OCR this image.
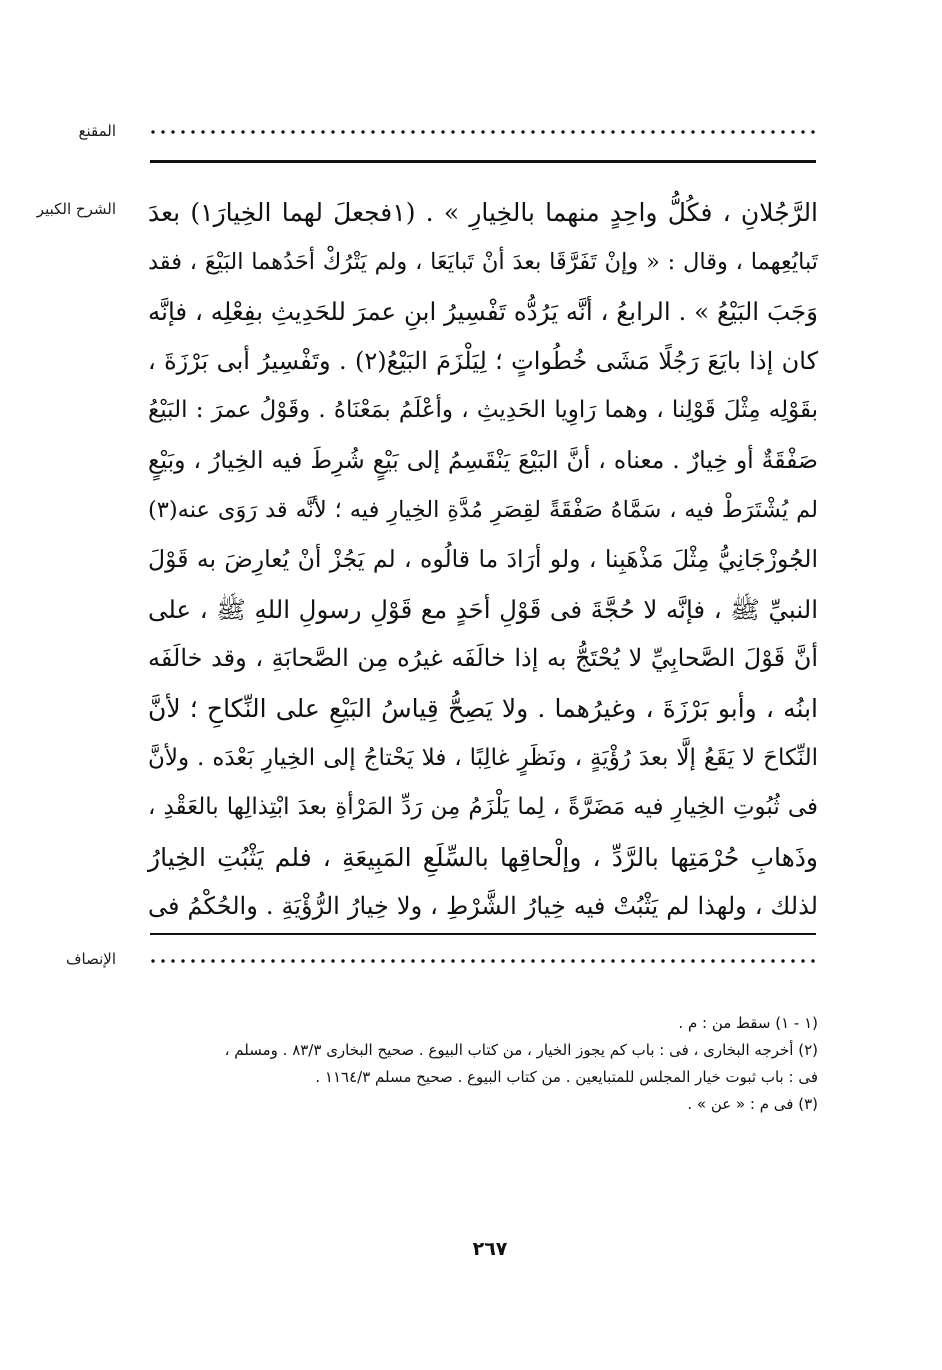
المقنع
الشرح الكبير الرَّجُلانِ ، فكُلُّ واحِدٍ منهما بالخِيارِ » . (١فجعلَ لهما الخِيارَ١) بعدَ
تَبايُعِهما ، وقال : « وإنْ تَفَرَّقَا بعدَ أنْ تَبايَعَا ، ولم يَتْرُكْ أحَدُهما البَيْعَ ، فقد
وَجَبَ البَيْعُ » . الرابعُ ، أنَّه يَرُدُّه تَفْسِيرُ ابنِ عمرَ للحَدِيثِ بفِعْلِه ، فإنَّه
كان إذا بايَعَ رَجُلًا مَشَى خُطُواتٍ ؛ لِيَلْزَمَ البَيْعُ(٢) . وتَفْسِيرُ أبى بَرْزَةَ ،
بقَوْلِه مِثْلَ قَوْلِنا ، وهما رَاوِيا الحَدِيثِ ، وأعْلَمُ بمَعْنَاهُ . وقَوْلُ عمرَ : البَيْعُ
صَفْقَةٌ أو خِيارٌ . معناه ، أنَّ البَيْعَ يَنْقَسِمُ إلى بَيْعٍ شُرِطَ فيه الخِيارُ ، وبَيْعٍ
لم يُشْتَرَطْ فيه ، سَمَّاهُ صَفْقَةً لقِصَرِ مُدَّةِ الخِيارِ فيه ؛ لأنَّه قد رَوَى عنه(٣)
الجُوزْجَانِيُّ مِثْلَ مَذْهَبِنا ، ولو أرَادَ ما قالُوه ، لم يَجُزْ أنْ يُعارِضَ به قَوْلَ
النبيِّ ﷺ ، فإنَّه لا حُجَّةَ فى قَوْلِ أحَدٍ مع قَوْلِ رسولِ اللهِ ﷺ ، على
أنَّ قَوْلَ الصَّحابِيِّ لا يُحْتَجُّ به إذا خالَفَه غيرُه مِن الصَّحابَةِ ، وقد خالَفَه
ابنُه ، وأبو بَرْزَةَ ، وغيرُهما . ولا يَصِحُّ قِياسُ البَيْعِ على النِّكاحِ ؛ لأنَّ
النِّكاحَ لا يَقَعُ إلَّا بعدَ رُؤْيَةٍ ، ونَظَرٍ غالِبًا ، فلا يَحْتاجُ إلى الخِيارِ بَعْدَه . ولأنَّ
فى ثُبُوتِ الخِيارِ فيه مَضَرَّةً ، لِما يَلْزَمُ مِن رَدِّ المَرْأةِ بعدَ ابْتِذالِها بالعَقْدِ ،
وذَهابِ حُرْمَتِها بالرَّدِّ ، وإلْحاقِها بالسِّلَعِ المَبِيعَةِ ، فلم يَثْبُتِ الخِيارُ
لذلك ، ولهذا لم يَثْبُتْ فيه خِيارُ الشَّرْطِ ، ولا خِيارُ الرُّؤْيَةِ . والحُكْمُ فى
الإنصاف
(١ - ١) سقط من : م .
(٢) أخرجه البخارى ، فى : باب كم يجوز الخيار ، من كتاب البيوع . صحيح البخارى ٨٣/٣ . ومسلم ،
فى : باب ثبوت خيار المجلس للمتبايعين . من كتاب البيوع . صحيح مسلم ١١٦٤/٣ .
(٣) فى م : « عن » .
٢٦٧
